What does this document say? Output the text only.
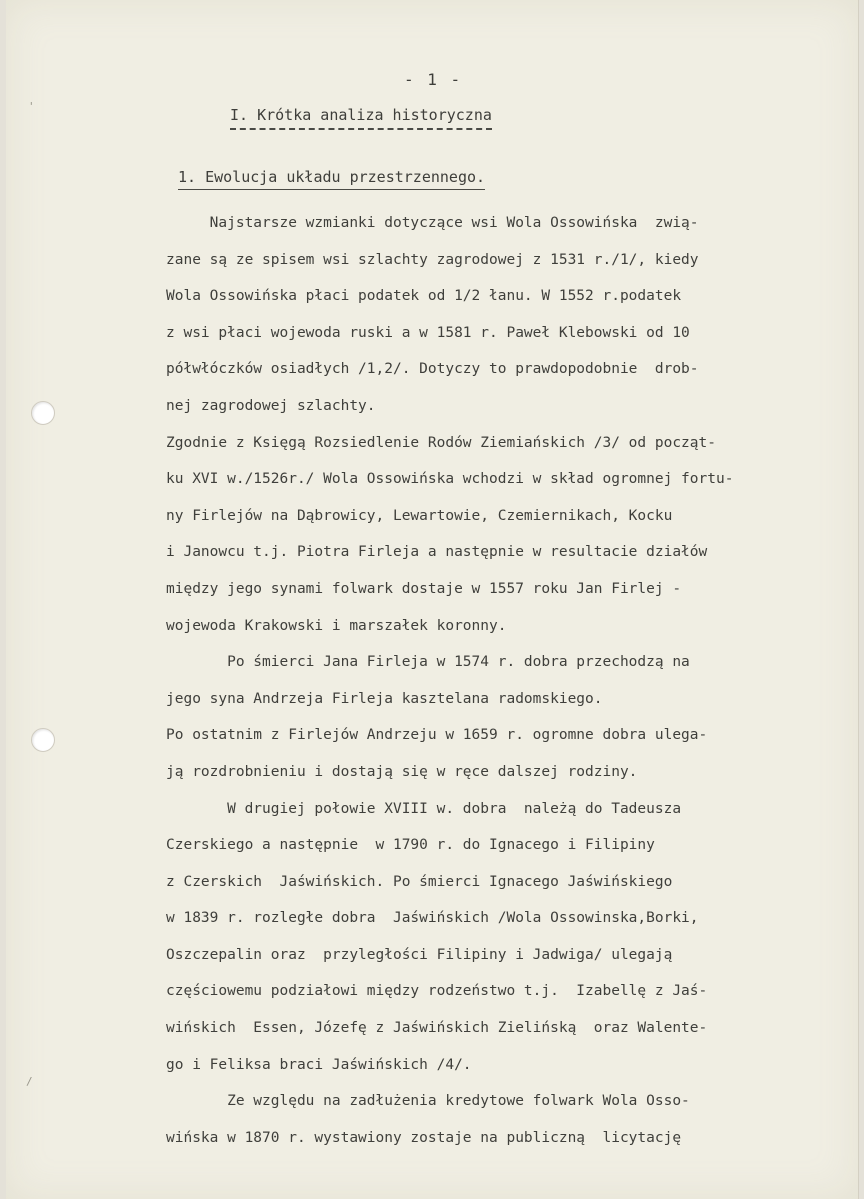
'
/
- 1 -
I. Krótka analiza historyczna
1. Ewolucja układu przestrzennego.
Najstarsze wzmianki dotyczące wsi Wola Ossowińska  zwią-
zane są ze spisem wsi szlachty zagrodowej z 1531 r./1/, kiedy
Wola Ossowińska płaci podatek od 1/2 łanu. W 1552 r.podatek
z wsi płaci wojewoda ruski a w 1581 r. Paweł Klebowski od 10
półwłóczków osiadłych /1,2/. Dotyczy to prawdopodobnie  drob-
nej zagrodowej szlachty.
Zgodnie z Księgą Rozsiedlenie Rodów Ziemiańskich /3/ od począt-
ku XVI w./1526r./ Wola Ossowińska wchodzi w skład ogromnej fortu-
ny Firlejów na Dąbrowicy, Lewartowie, Czemiernikach, Kocku
i Janowcu t.j. Piotra Firleja a następnie w resultacie działów
między jego synami folwark dostaje w 1557 roku Jan Firlej -
wojewoda Krakowski i marszałek koronny.
Po śmierci Jana Firleja w 1574 r. dobra przechodzą na
jego syna Andrzeja Firleja kasztelana radomskiego.
Po ostatnim z Firlejów Andrzeju w 1659 r. ogromne dobra ulega-
ją rozdrobnieniu i dostają się w ręce dalszej rodziny.
W drugiej połowie XVIII w. dobra  należą do Tadeusza
Czerskiego a następnie  w 1790 r. do Ignacego i Filipiny
z Czerskich  Jaświńskich. Po śmierci Ignacego Jaświńskiego
w 1839 r. rozległe dobra  Jaświńskich /Wola Ossowinska,Borki,
Oszczepalin oraz  przyległości Filipiny i Jadwiga/ ulegają
częściowemu podziałowi między rodzeństwo t.j.  Izabellę z Jaś-
wińskich  Essen, Józefę z Jaświńskich Zielińską  oraz Walente-
go i Feliksa braci Jaświńskich /4/.
Ze względu na zadłużenia kredytowe folwark Wola Osso-
wińska w 1870 r. wystawiony zostaje na publiczną  licytację
